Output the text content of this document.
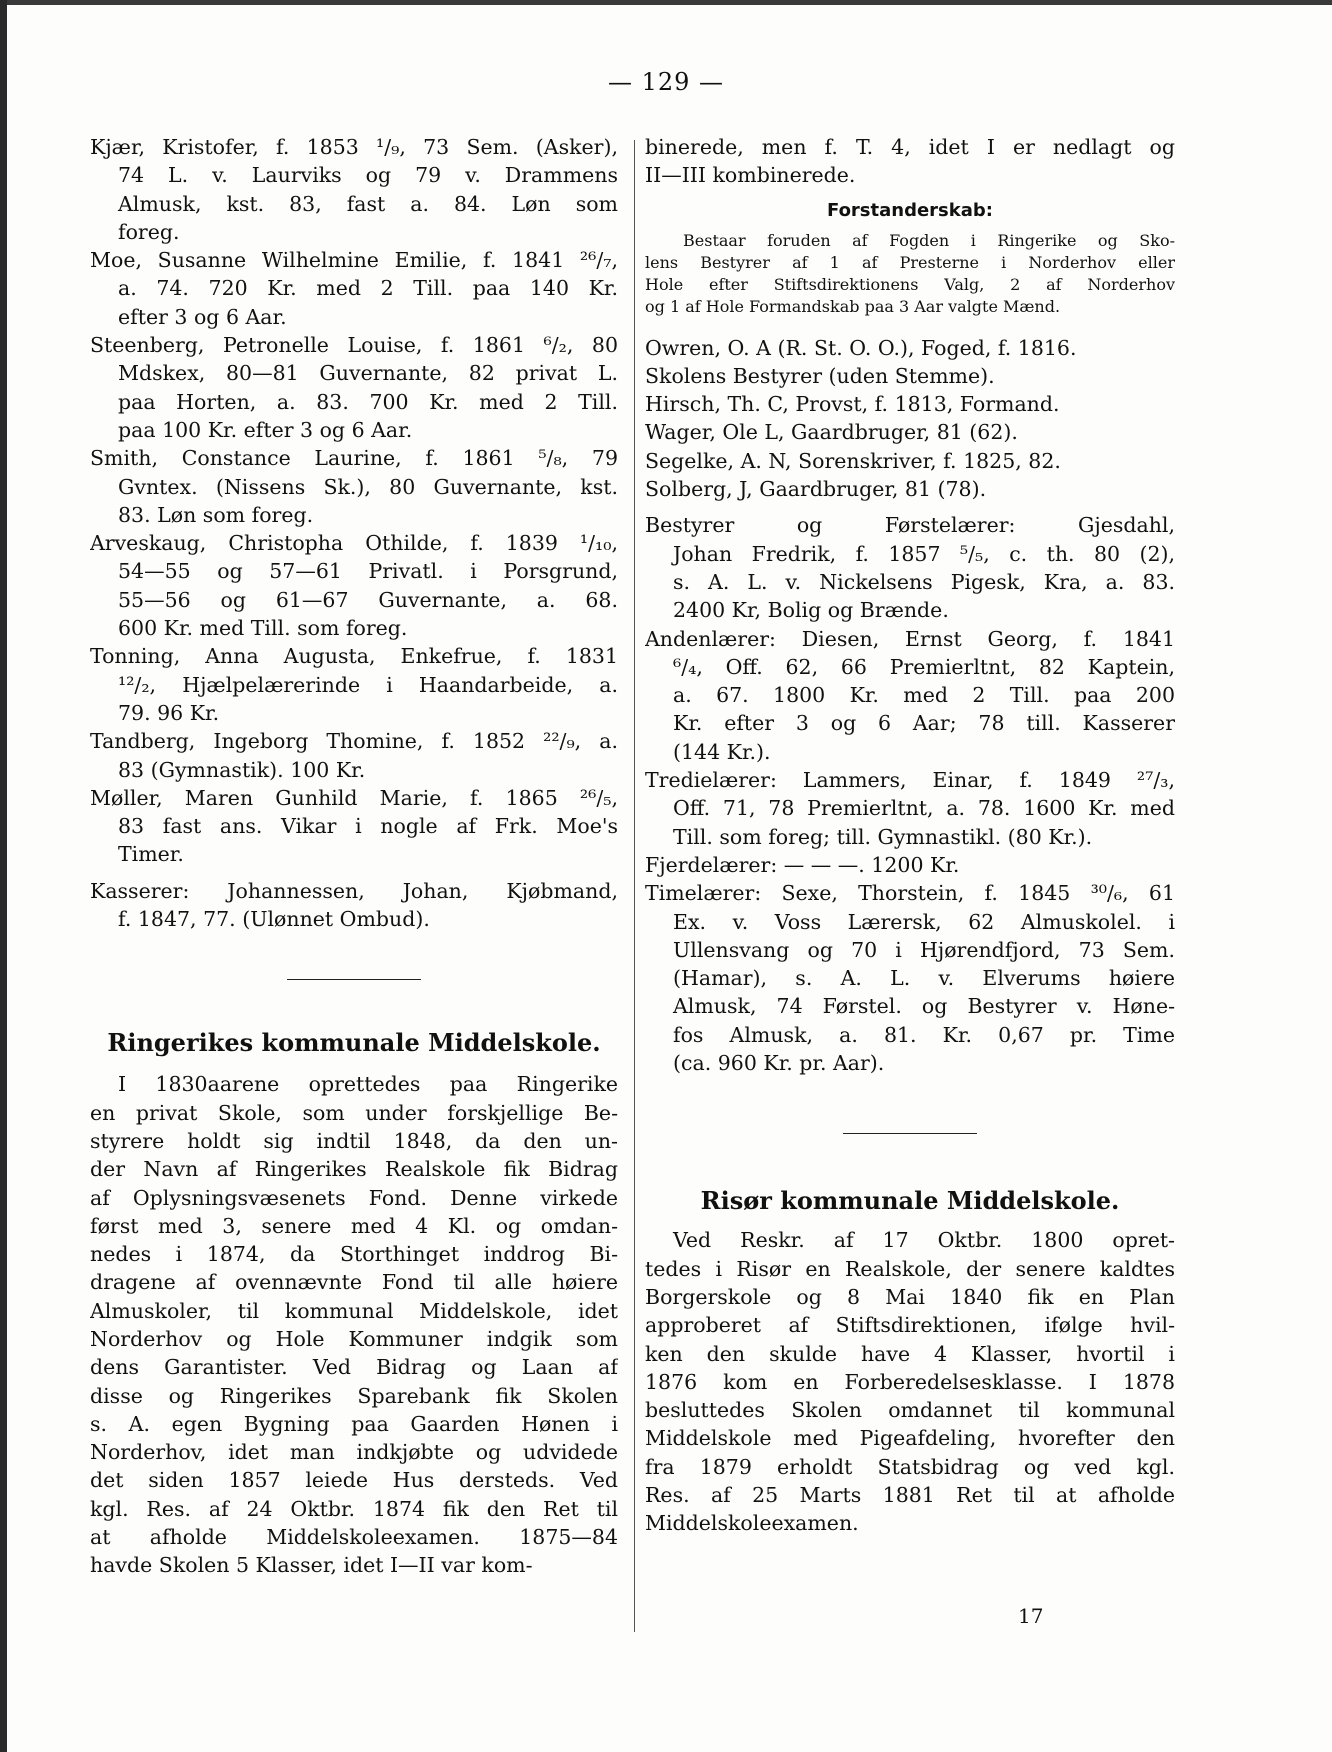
— 129 —
Kjær, Kristofer, f. 1853 ¹/₉, 73 Sem. (Asker),
74 L. v. Laurviks og 79 v. Drammens
Almusk, kst. 83, fast a. 84. Løn som
foreg.
Moe, Susanne Wilhelmine Emilie, f. 1841 ²⁶/₇,
a. 74. 720 Kr. med 2 Till. paa 140 Kr.
efter 3 og 6 Aar.
Steenberg, Petronelle Louise, f. 1861 ⁶/₂, 80
Mdskex, 80—81 Guvernante, 82 privat L.
paa Horten, a. 83. 700 Kr. med 2 Till.
paa 100 Kr. efter 3 og 6 Aar.
Smith, Constance Laurine, f. 1861 ⁵/₈, 79
Gvntex. (Nissens Sk.), 80 Guvernante, kst.
83. Løn som foreg.
Arveskaug, Christopha Othilde, f. 1839 ¹/₁₀,
54—55 og 57—61 Privatl. i Porsgrund,
55—56 og 61—67 Guvernante, a. 68.
600 Kr. med Till. som foreg.
Tonning, Anna Augusta, Enkefrue, f. 1831
¹²/₂, Hjælpelærerinde i Haandarbeide, a.
79. 96 Kr.
Tandberg, Ingeborg Thomine, f. 1852 ²²/₉, a.
83 (Gymnastik). 100 Kr.
Møller, Maren Gunhild Marie, f. 1865 ²⁶/₅,
83 fast ans. Vikar i nogle af Frk. Moe's
Timer.
Kasserer: Johannessen, Johan, Kjøbmand,
f. 1847, 77. (Ulønnet Ombud).
Ringerikes kommunale Middelskole.
I 1830aarene oprettedes paa Ringerike
en privat Skole, som under forskjellige Be-
styrere holdt sig indtil 1848, da den un-
der Navn af Ringerikes Realskole fik Bidrag
af Oplysningsvæsenets Fond. Denne virkede
først med 3, senere med 4 Kl. og omdan-
nedes i 1874, da Storthinget inddrog Bi-
dragene af ovennævnte Fond til alle høiere
Almuskoler, til kommunal Middelskole, idet
Norderhov og Hole Kommuner indgik som
dens Garantister. Ved Bidrag og Laan af
disse og Ringerikes Sparebank fik Skolen
s. A. egen Bygning paa Gaarden Hønen i
Norderhov, idet man indkjøbte og udvidede
det siden 1857 leiede Hus dersteds. Ved
kgl. Res. af 24 Oktbr. 1874 fik den Ret til
at afholde Middelskoleexamen. 1875—84
havde Skolen 5 Klasser, idet I—II var kom-
binerede, men f. T. 4, idet I er nedlagt og
II—III kombinerede.
Forstanderskab:
Bestaar foruden af Fogden i Ringerike og Sko-
lens Bestyrer af 1 af Presterne i Norderhov eller
Hole efter Stiftsdirektionens Valg, 2 af Norderhov
og 1 af Hole Formandskab paa 3 Aar valgte Mænd.
Owren, O. A (R. St. O. O.), Foged, f. 1816.
Skolens Bestyrer (uden Stemme).
Hirsch, Th. C, Provst, f. 1813, Formand.
Wager, Ole L, Gaardbruger, 81 (62).
Segelke, A. N, Sorenskriver, f. 1825, 82.
Solberg, J, Gaardbruger, 81 (78).
Bestyrer og Førstelærer: Gjesdahl,
Johan Fredrik, f. 1857 ⁵/₅, c. th. 80 (2),
s. A. L. v. Nickelsens Pigesk, Kra, a. 83.
2400 Kr, Bolig og Brænde.
Andenlærer: Diesen, Ernst Georg, f. 1841
⁶/₄, Off. 62, 66 Premierltnt, 82 Kaptein,
a. 67. 1800 Kr. med 2 Till. paa 200
Kr. efter 3 og 6 Aar; 78 till. Kasserer
(144 Kr.).
Tredielærer: Lammers, Einar, f. 1849 ²⁷/₃,
Off. 71, 78 Premierltnt, a. 78. 1600 Kr. med
Till. som foreg; till. Gymnastikl. (80 Kr.).
Fjerdelærer: — — —. 1200 Kr.
Timelærer: Sexe, Thorstein, f. 1845 ³⁰/₆, 61
Ex. v. Voss Lærersk, 62 Almuskolel. i
Ullensvang og 70 i Hjørendfjord, 73 Sem.
(Hamar), s. A. L. v. Elverums høiere
Almusk, 74 Førstel. og Bestyrer v. Høne-
fos Almusk, a. 81. Kr. 0,67 pr. Time
(ca. 960 Kr. pr. Aar).
Risør kommunale Middelskole.
Ved Reskr. af 17 Oktbr. 1800 opret-
tedes i Risør en Realskole, der senere kaldtes
Borgerskole og 8 Mai 1840 fik en Plan
approberet af Stiftsdirektionen, ifølge hvil-
ken den skulde have 4 Klasser, hvortil i
1876 kom en Forberedelsesklasse. I 1878
besluttedes Skolen omdannet til kommunal
Middelskole med Pigeafdeling, hvorefter den
fra 1879 erholdt Statsbidrag og ved kgl.
Res. af 25 Marts 1881 Ret til at afholde
Middelskoleexamen.
17
